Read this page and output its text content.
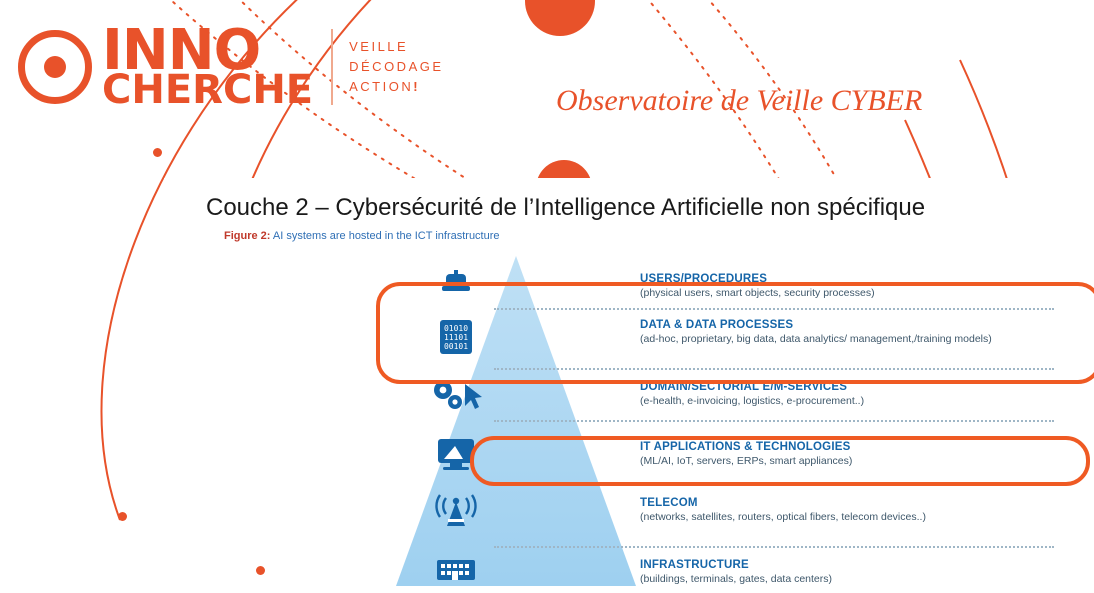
INNO
CHERCHE
VEILLE
DÉCODAGE
ACTION!	Observatoire de Veille CYBER
Couche 2 – Cybersécurité de l’Intelligence Artificielle non spécifique
Figure 2: AI systems are hosted in the ICT infrastructure
USERS/PROCEDURES
(physical users, smart objects, security processes)
01010
11101
00101
DATA & DATA PROCESSES
(ad-hoc, proprietary, big data, data analytics/ management,/training models)
DOMAIN/SECTORIAL E/M-SERVICES
(e-health, e-invoicing, logistics, e-procurement..)
IT APPLICATIONS & TECHNOLOGIES
(ML/AI, IoT, servers, ERPs, smart appliances)
TELECOM
(networks, satellites, routers, optical fibers, telecom devices..)
INFRASTRUCTURE
(buildings, terminals, gates, data centers)
